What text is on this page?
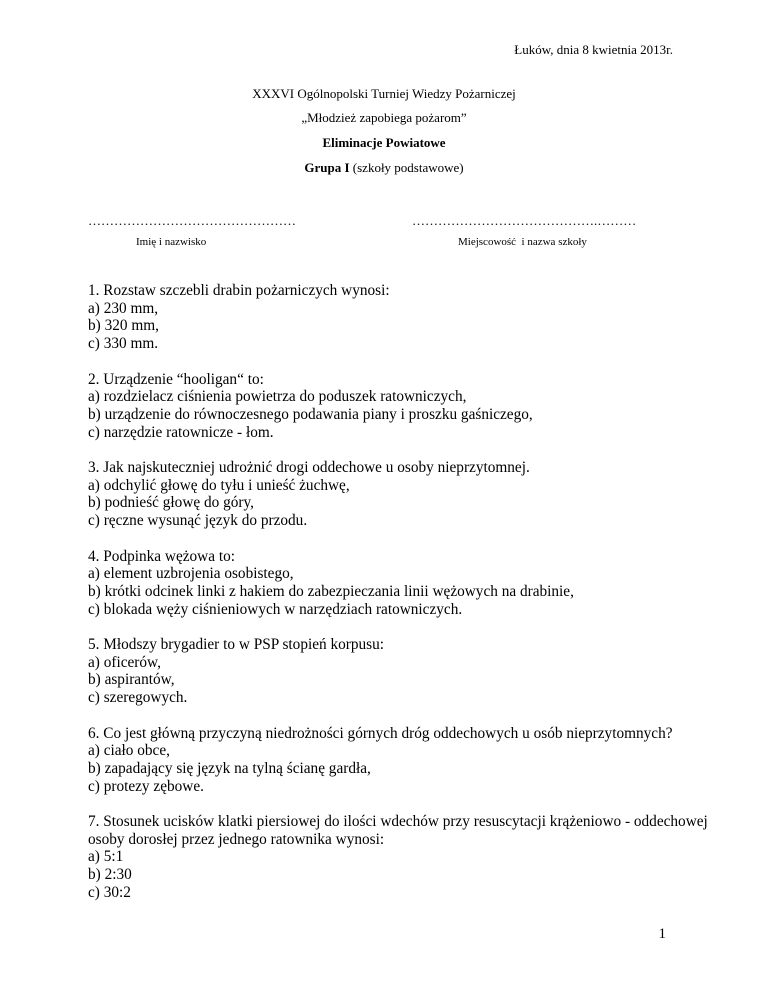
Łuków, dnia 8 kwietnia 2013r.
XXXVI Ogólnopolski Turniej Wiedzy Pożarniczej
„Młodzież zapobiega pożarom”
Eliminacje Powiatowe
Grupa I (szkoły podstawowe)
…………………………………………	…………………………………….………
Imię i nazwisko	Miejscowość  i nazwa szkoły

1. Rozstaw szczebli drabin pożarniczych wynosi:

a) 230 mm,

b) 320 mm,

c) 330 mm.

2. Urządzenie “hooligan“ to:

a) rozdzielacz ciśnienia powietrza do poduszek ratowniczych,

b) urządzenie do równoczesnego podawania piany i proszku gaśniczego,

c) narzędzie ratownicze - łom.

3. Jak najskuteczniej udrożnić drogi oddechowe u osoby nieprzytomnej.

a) odchylić głowę do tyłu i unieść żuchwę,

b) podnieść głowę do góry,

c) ręczne wysunąć język do przodu.

4. Podpinka wężowa to:

a) element uzbrojenia osobistego,

b) krótki odcinek linki z hakiem do zabezpieczania linii wężowych na drabinie,

c) blokada węży ciśnieniowych w narzędziach ratowniczych.

5. Młodszy brygadier to w PSP stopień korpusu:

a) oficerów,

b) aspirantów,

c) szeregowych.

6. Co jest główną przyczyną niedrożności górnych dróg oddechowych u osób nieprzytomnych?

a) ciało obce,

b) zapadający się język na tylną ścianę gardła,

c) protezy zębowe.

7. Stosunek ucisków klatki piersiowej do ilości wdechów przy resuscytacji krążeniowo - oddechowej osoby dorosłej przez jednego ratownika wynosi:

a) 5:1

b) 2:30

c) 30:2

1
